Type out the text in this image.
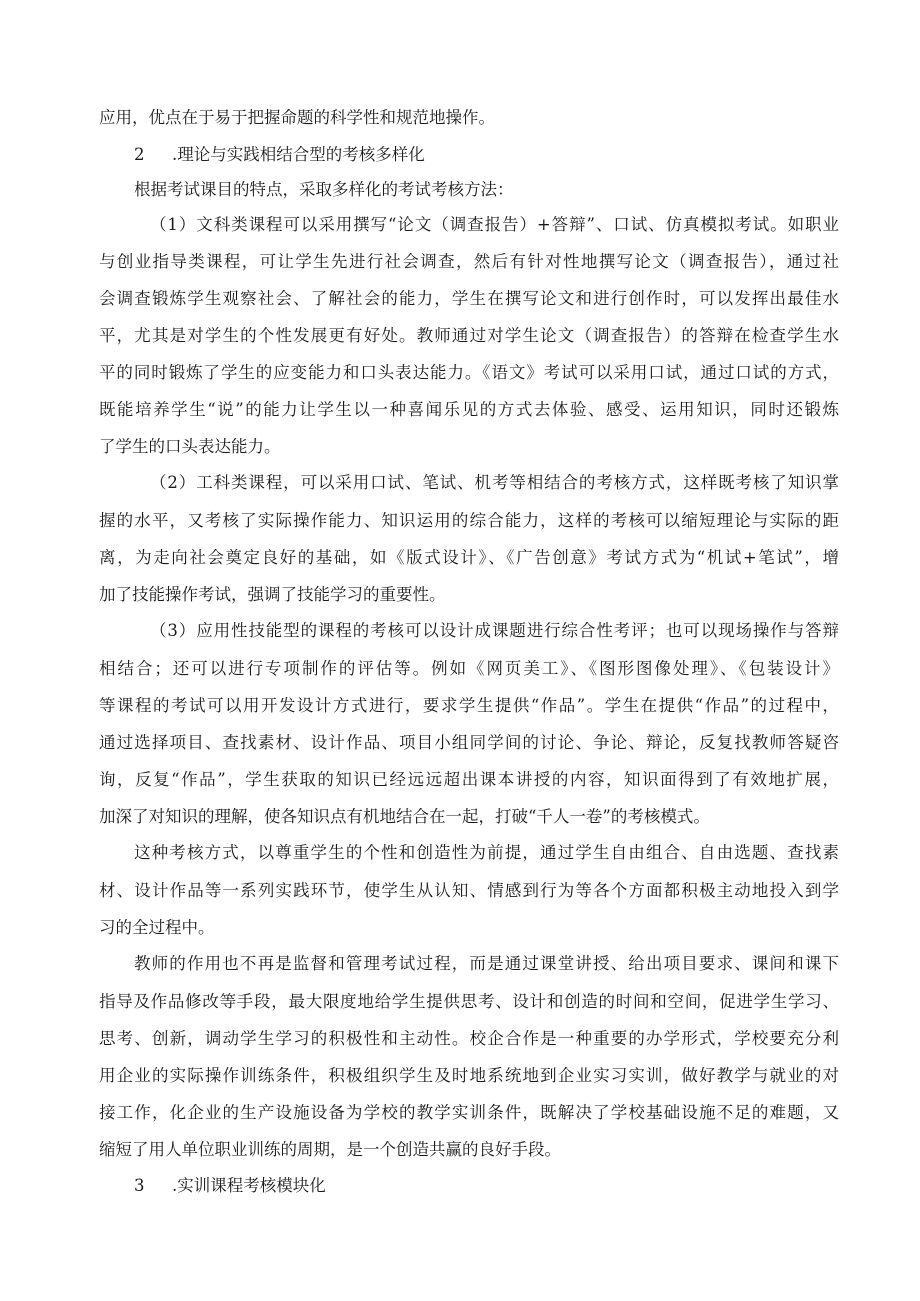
应用，优点在于易于把握命题的科学性和规范地操作。
2 .理论与实践相结合型的考核多样化
根据考试课目的特点，采取多样化的考试考核方法：
（1）文科类课程可以采用撰写“论文（调查报告）+答辩”、口试、仿真模拟考试。如职业
与创业指导类课程，可让学生先进行社会调查，然后有针对性地撰写论文（调查报告），通过社
会调查锻炼学生观察社会、了解社会的能力，学生在撰写论文和进行创作时，可以发挥出最佳水
平，尤其是对学生的个性发展更有好处。教师通过对学生论文（调查报告）的答辩在检查学生水
平的同时锻炼了学生的应变能力和口头表达能力。《语文》考试可以采用口试，通过口试的方式，
既能培养学生“说”的能力让学生以一种喜闻乐见的方式去体验、感受、运用知识，同时还锻炼
了学生的口头表达能力。
（2）工科类课程，可以采用口试、笔试、机考等相结合的考核方式，这样既考核了知识掌
握的水平，又考核了实际操作能力、知识运用的综合能力，这样的考核可以缩短理论与实际的距
离，为走向社会奠定良好的基础，如《版式设计》、《广告创意》考试方式为“机试+笔试”，增
加了技能操作考试，强调了技能学习的重要性。
（3）应用性技能型的课程的考核可以设计成课题进行综合性考评；也可以现场操作与答辩
相结合；还可以进行专项制作的评估等。例如《网页美工》、《图形图像处理》、《包装设计》
等课程的考试可以用开发设计方式进行，要求学生提供“作品”。学生在提供“作品”的过程中，
通过选择项目、查找素材、设计作品、项目小组同学间的讨论、争论、辩论，反复找教师答疑咨
询，反复“作品”，学生获取的知识已经远远超出课本讲授的内容，知识面得到了有效地扩展，
加深了对知识的理解，使各知识点有机地结合在一起，打破“千人一卷”的考核模式。
这种考核方式，以尊重学生的个性和创造性为前提，通过学生自由组合、自由选题、查找素
材、设计作品等一系列实践环节，使学生从认知、情感到行为等各个方面都积极主动地投入到学
习的全过程中。
教师的作用也不再是监督和管理考试过程，而是通过课堂讲授、给出项目要求、课间和课下
指导及作品修改等手段，最大限度地给学生提供思考、设计和创造的时间和空间，促进学生学习、
思考、创新，调动学生学习的积极性和主动性。校企合作是一种重要的办学形式，学校要充分利
用企业的实际操作训练条件，积极组织学生及时地系统地到企业实习实训，做好教学与就业的对
接工作，化企业的生产设施设备为学校的教学实训条件，既解决了学校基础设施不足的难题，又
缩短了用人单位职业训练的周期，是一个创造共赢的良好手段。
3 .实训课程考核模块化
